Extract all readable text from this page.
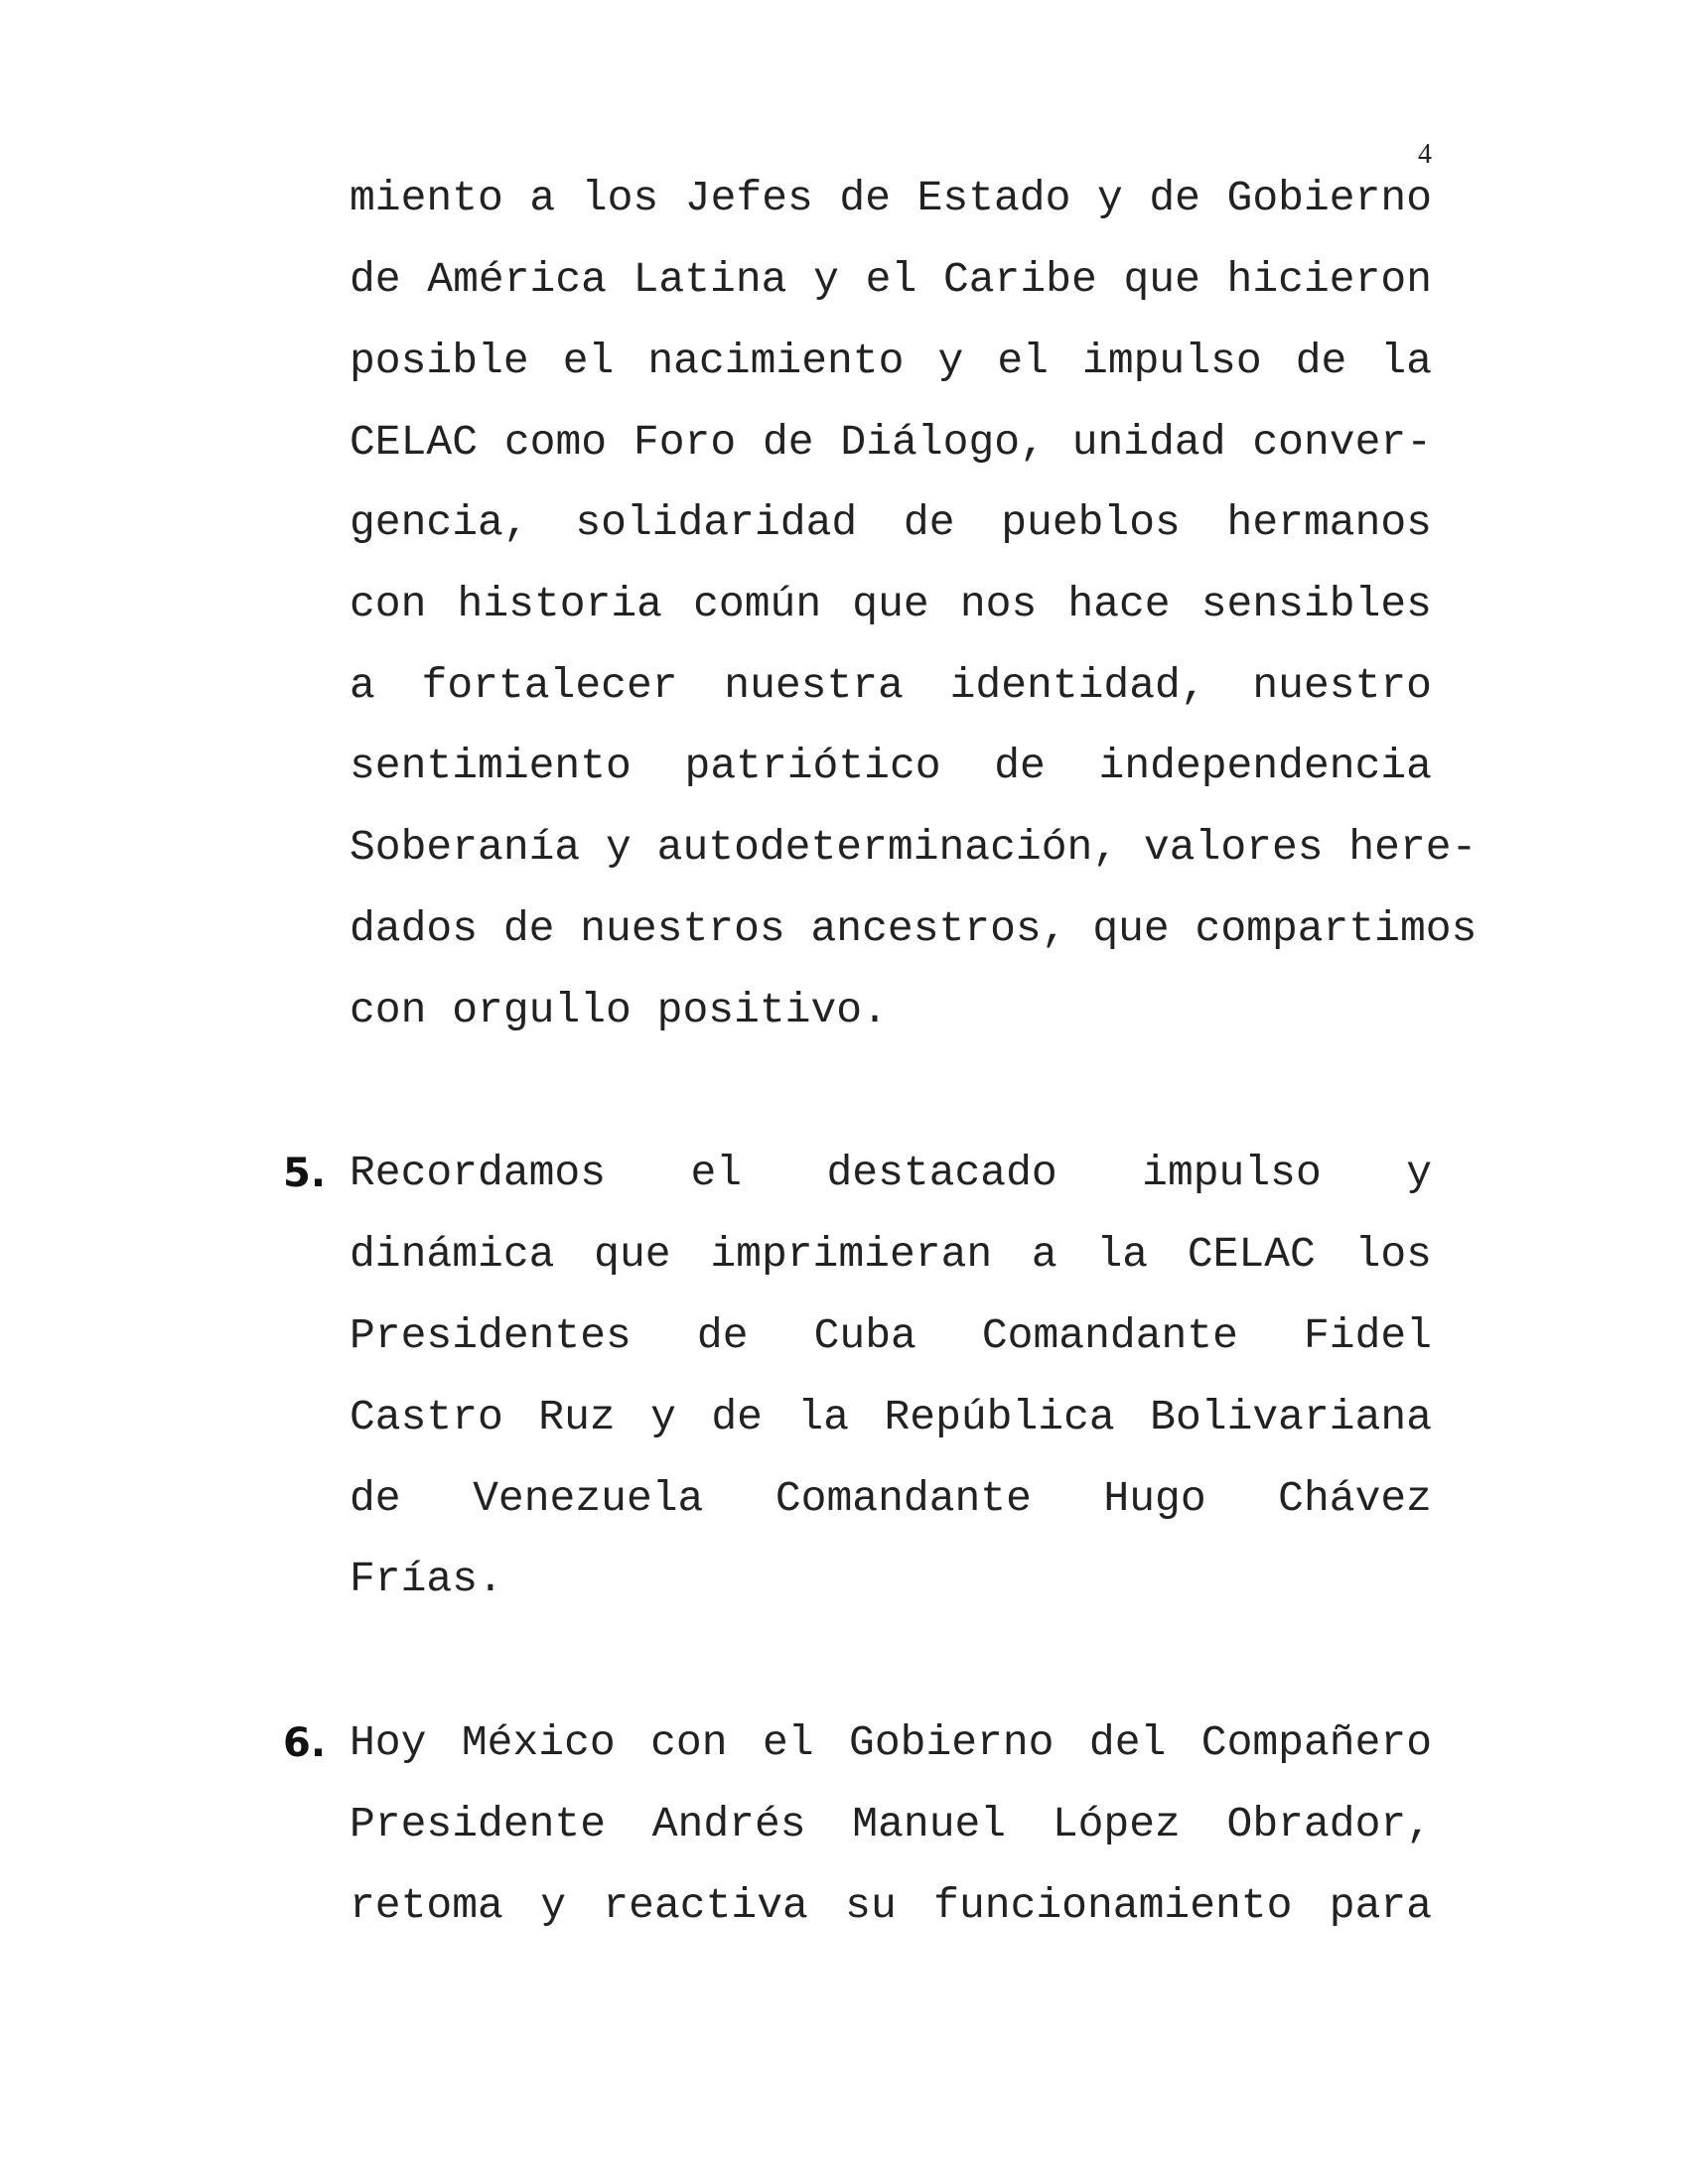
4
miento a los Jefes de Estado y de Gobierno
de América Latina y el Caribe que hicieron
posible el nacimiento y el impulso de la
CELAC como Foro de Diálogo, unidad conver-
gencia, solidaridad de pueblos hermanos
con historia común que nos hace sensibles
a fortalecer nuestra identidad, nuestro
sentimiento patriótico de independencia
Soberanía y autodeterminación, valores here-
dados de nuestros ancestros, que compartimos
con orgullo positivo.
5. Recordamos el destacado impulso y
dinámica que imprimieran a la CELAC los
Presidentes de Cuba Comandante Fidel
Castro Ruz y de la República Bolivariana
de Venezuela Comandante Hugo Chávez
Frías.
6. Hoy México con el Gobierno del Compañero
Presidente Andrés Manuel López Obrador,
retoma y reactiva su funcionamiento para
